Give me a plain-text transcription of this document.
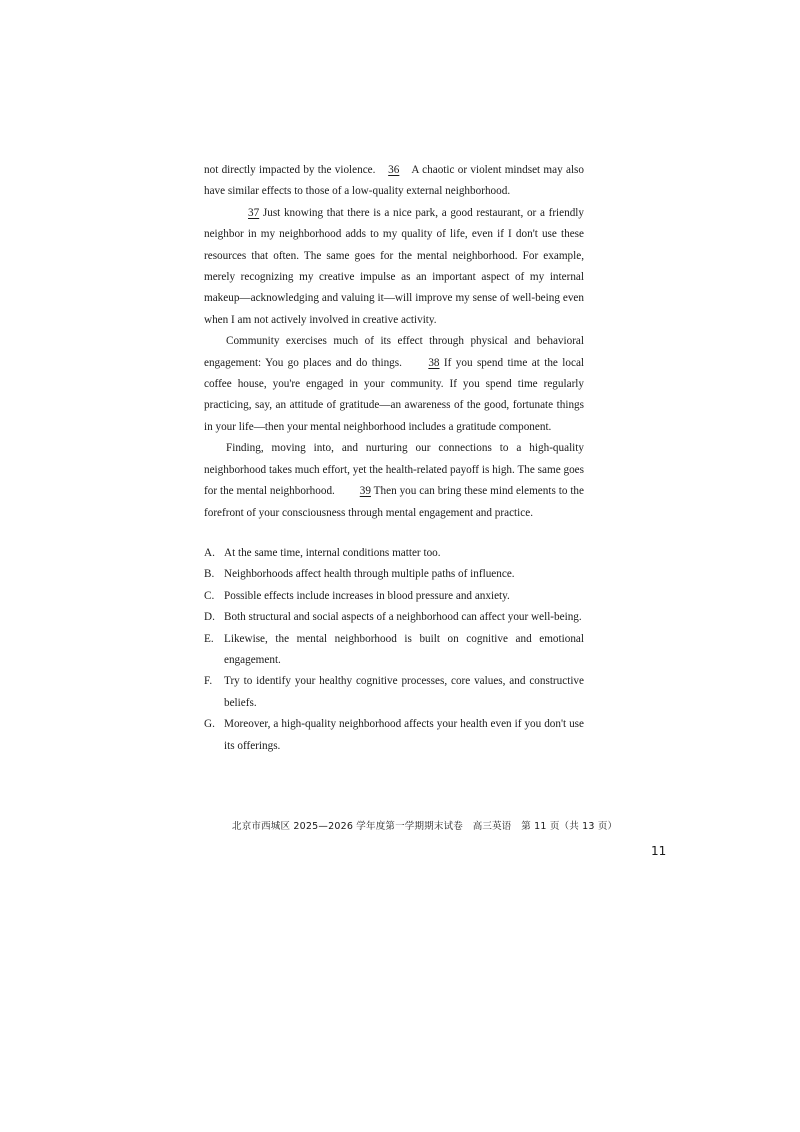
not directly impacted by the violence. 36 A chaotic or violent mindset may also have similar effects to those of a low-quality external neighborhood.

37 Just knowing that there is a nice park, a good restaurant, or a friendly neighbor in my neighborhood adds to my quality of life, even if I don't use these resources that often. The same goes for the mental neighborhood. For example, merely recognizing my creative impulse as an important aspect of my internal makeup—acknowledging and valuing it—will improve my sense of well-being even when I am not actively involved in creative activity.

Community exercises much of its effect through physical and behavioral engagement: You go places and do things. 38 If you spend time at the local coffee house, you're engaged in your community. If you spend time regularly practicing, say, an attitude of gratitude—an awareness of the good, fortunate things in your life—then your mental neighborhood includes a gratitude component.

Finding, moving into, and nurturing our connections to a high-quality neighborhood takes much effort, yet the health-related payoff is high. The same goes for the mental neighborhood. 39 Then you can bring these mind elements to the forefront of your consciousness through mental engagement and practice.

A. At the same time, internal conditions matter too.
B. Neighborhoods affect health through multiple paths of influence.
C. Possible effects include increases in blood pressure and anxiety.
D. Both structural and social aspects of a neighborhood can affect your well-being.
E. Likewise, the mental neighborhood is built on cognitive and emotional engagement.
F.	Try to identify your healthy cognitive processes, core values, and constructive beliefs.
G. Moreover, a high-quality neighborhood affects your health even if you don't use its offerings.
北京市西城区 2025—2026 学年度第一学期期末试卷　高三英语　第 11 页（共 13 页）
11
